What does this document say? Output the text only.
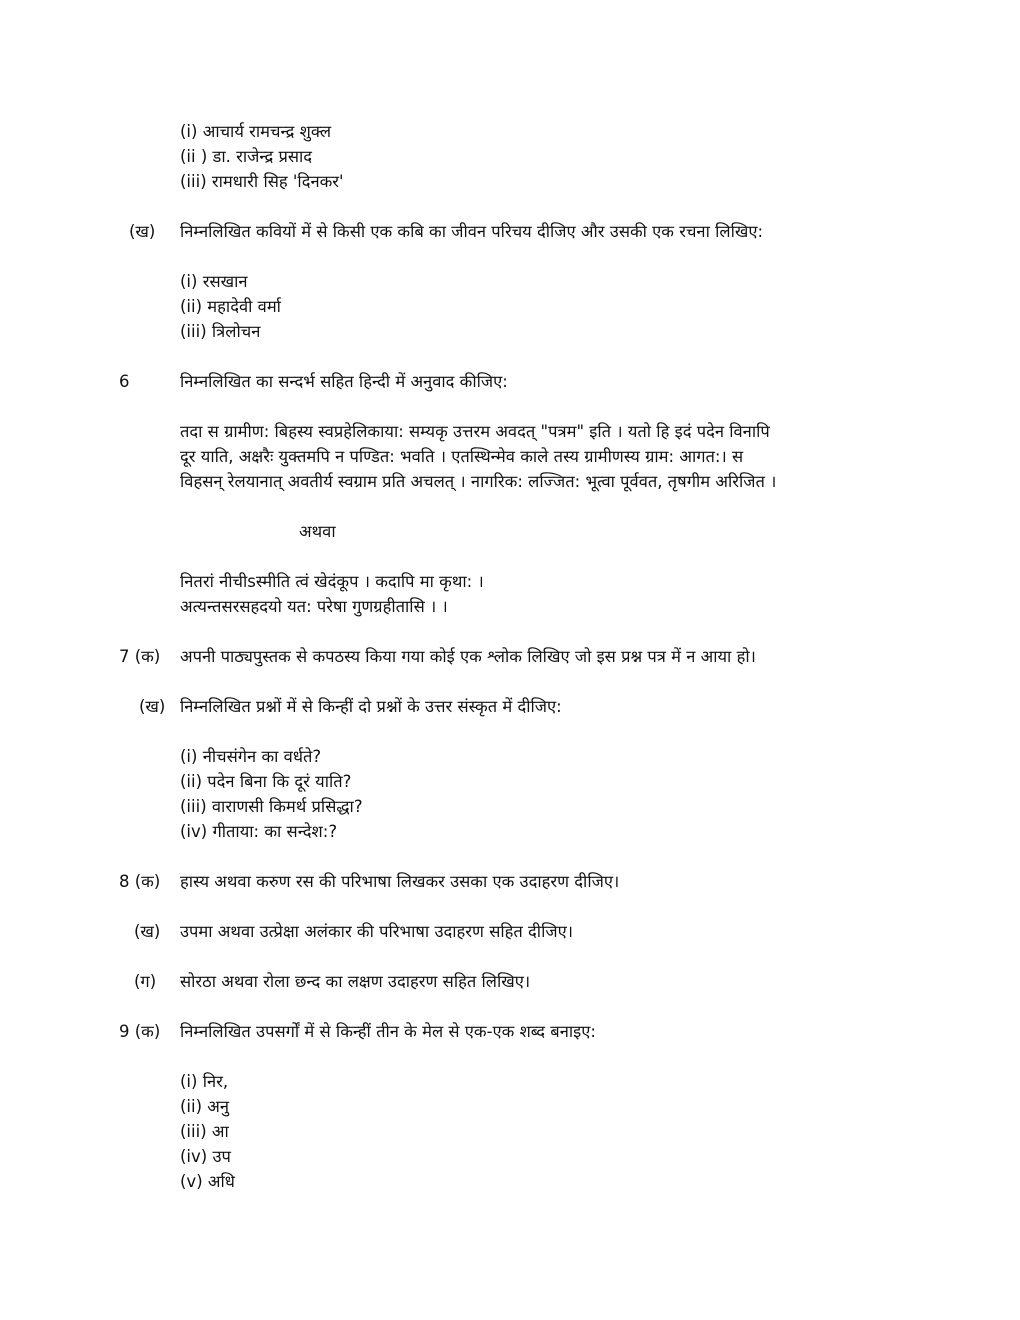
(i) आचार्य रामचन्द्र शुक्ल
(ii ) डा. राजेन्द्र प्रसाद
(iii) रामधारी सिह 'दिनकर'
(ख) निम्नलिखित कवियों में से किसी एक कबि का जीवन परिचय दीजिए और उसकी एक रचना लिखिए:
(i) रसखान
(ii) महादेवी वर्मा
(iii) त्रिलोचन
6	निम्नलिखित का सन्दर्भ सहित हिन्दी में अनुवाद कीजिए:
तदा स ग्रामीण: बिहस्य स्वप्रहेलिकाया: सम्यकृ उत्तरम अवदत् "पत्रम" इति । यतो हि इदं पदेन विनापि
दूर याति, अक्षरैः युक्तमपि न पण्डित: भवति । एतस्थिन्मेव काले तस्य ग्रामीणस्य ग्राम: आगत:। स
विहसन् रेलयानात् अवतीर्य स्वग्राम प्रति अचलत् । नागरिक: लज्जित: भूत्वा पूर्ववत, तृषगीम अरिजित ।
अथवा
नितरां नीचीsस्मीति त्वं खेदंकूप । कदापि मा कृथा: ।
अत्यन्तसरसहदयो यत: परेषा गुणग्रहीतासि । ।
7 (क) अपनी पाठ्यपुस्तक से कपठस्य किया गया कोई एक श्लोक लिखिए जो इस प्रश्न पत्र में न आया हो।
(ख) निम्नलिखित प्रश्नों में से किन्हीं दो प्रश्नों के उत्तर संस्कृत में दीजिए:
(i) नीचसंगेन का वर्धते?
(ii) पदेन बिना कि दूरं याति?
(iii) वाराणसी किमर्थ प्रसिद्धा?
(iv) गीताया: का सन्देश:?
8 (क) हास्य अथवा करुण रस की परिभाषा लिखकर उसका एक उदाहरण दीजिए।
(ख) उपमा अथवा उत्प्रेक्षा अलंकार की परिभाषा उदाहरण सहित दीजिए।
(ग) सोरठा अथवा रोला छन्द का लक्षण उदाहरण सहित लिखिए।
9 (क) निम्नलिखित उपसर्गों में से किन्हीं तीन के मेल से एक-एक शब्द बनाइए:
(i) निर,
(ii) अनु
(iii) आ
(iv) उप
(v) अधि
